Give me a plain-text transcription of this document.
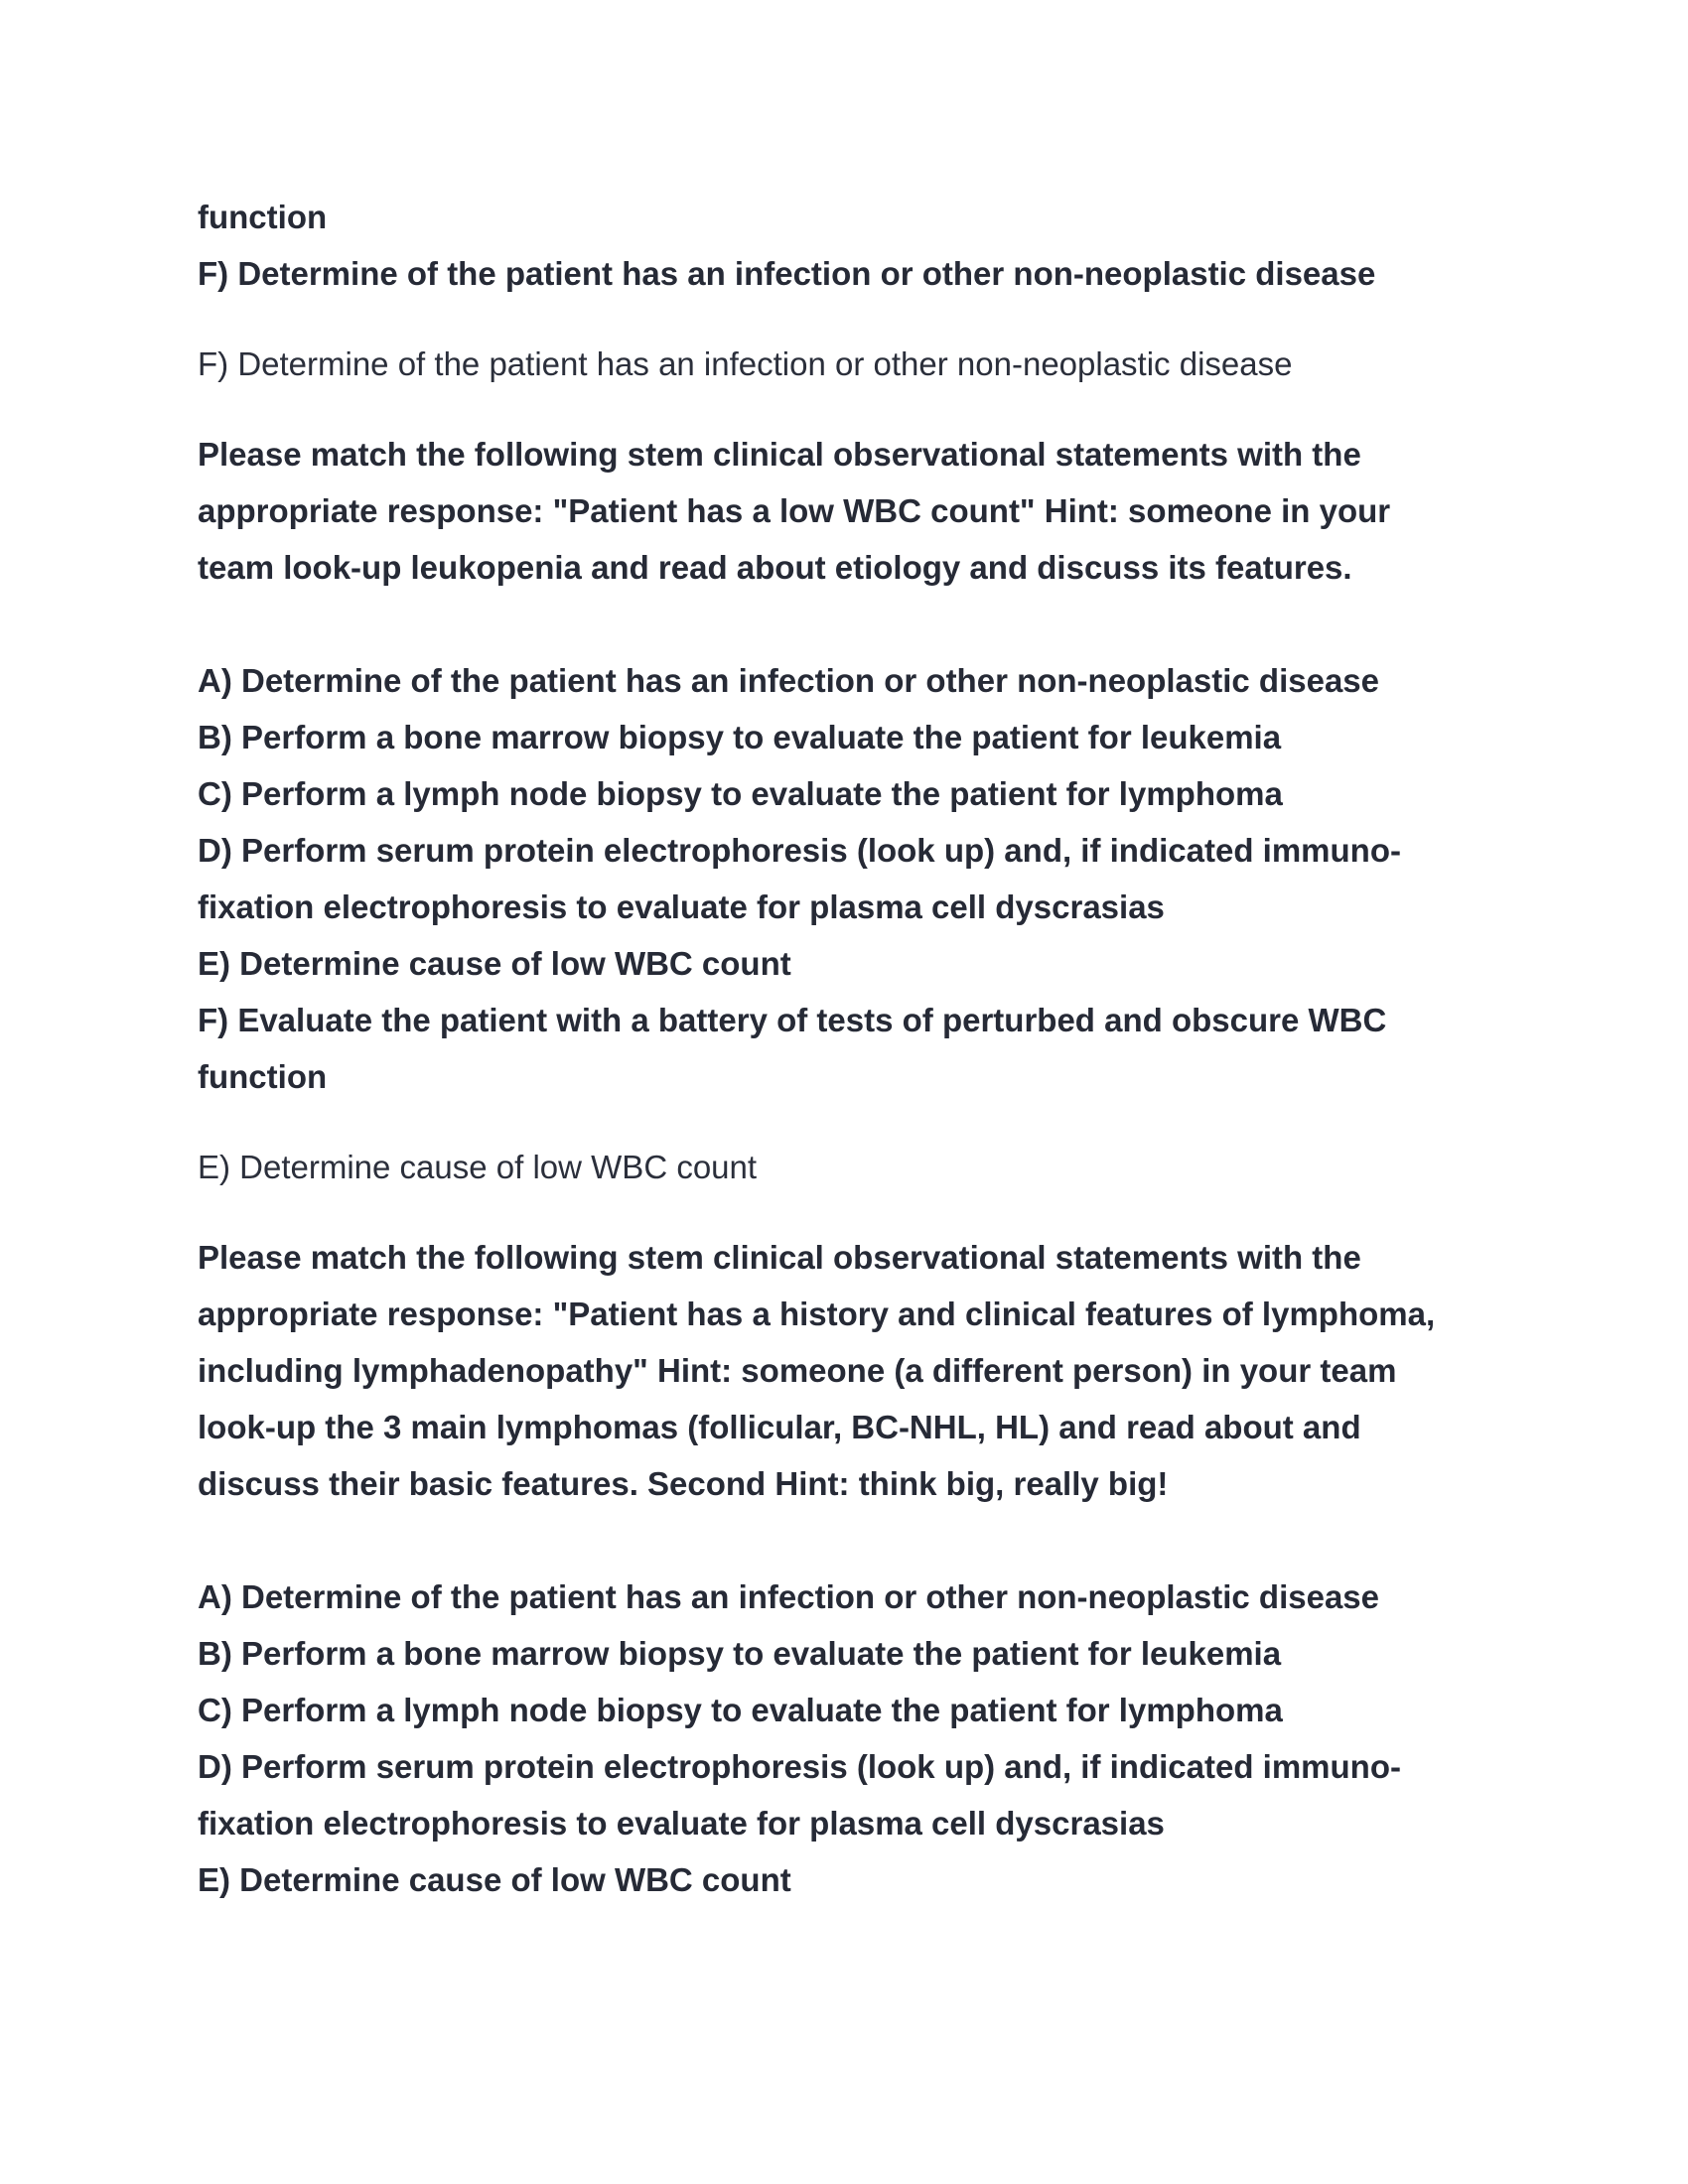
function

F) Determine of the patient has an infection or other non-neoplastic disease

F) Determine of the patient has an infection or other non-neoplastic disease

Please match the following stem clinical observational statements with the

appropriate response: "Patient has a low WBC count" Hint: someone in your

team look-up leukopenia and read about etiology and discuss its features.

A) Determine of the patient has an infection or other non-neoplastic disease

B) Perform a bone marrow biopsy to evaluate the patient for leukemia

C) Perform a lymph node biopsy to evaluate the patient for lymphoma

D) Perform serum protein electrophoresis (look up) and, if indicated immuno-

fixation electrophoresis to evaluate for plasma cell dyscrasias

E) Determine cause of low WBC count

F) Evaluate the patient with a battery of tests of perturbed and obscure WBC

function

E) Determine cause of low WBC count

Please match the following stem clinical observational statements with the

appropriate response: "Patient has a history and clinical features of lymphoma,

including lymphadenopathy" Hint: someone (a different person) in your team

look-up the 3 main lymphomas (follicular, BC-NHL, HL) and read about and

discuss their basic features. Second Hint: think big, really big!

A) Determine of the patient has an infection or other non-neoplastic disease

B) Perform a bone marrow biopsy to evaluate the patient for leukemia

C) Perform a lymph node biopsy to evaluate the patient for lymphoma

D) Perform serum protein electrophoresis (look up) and, if indicated immuno-

fixation electrophoresis to evaluate for plasma cell dyscrasias

E) Determine cause of low WBC count
